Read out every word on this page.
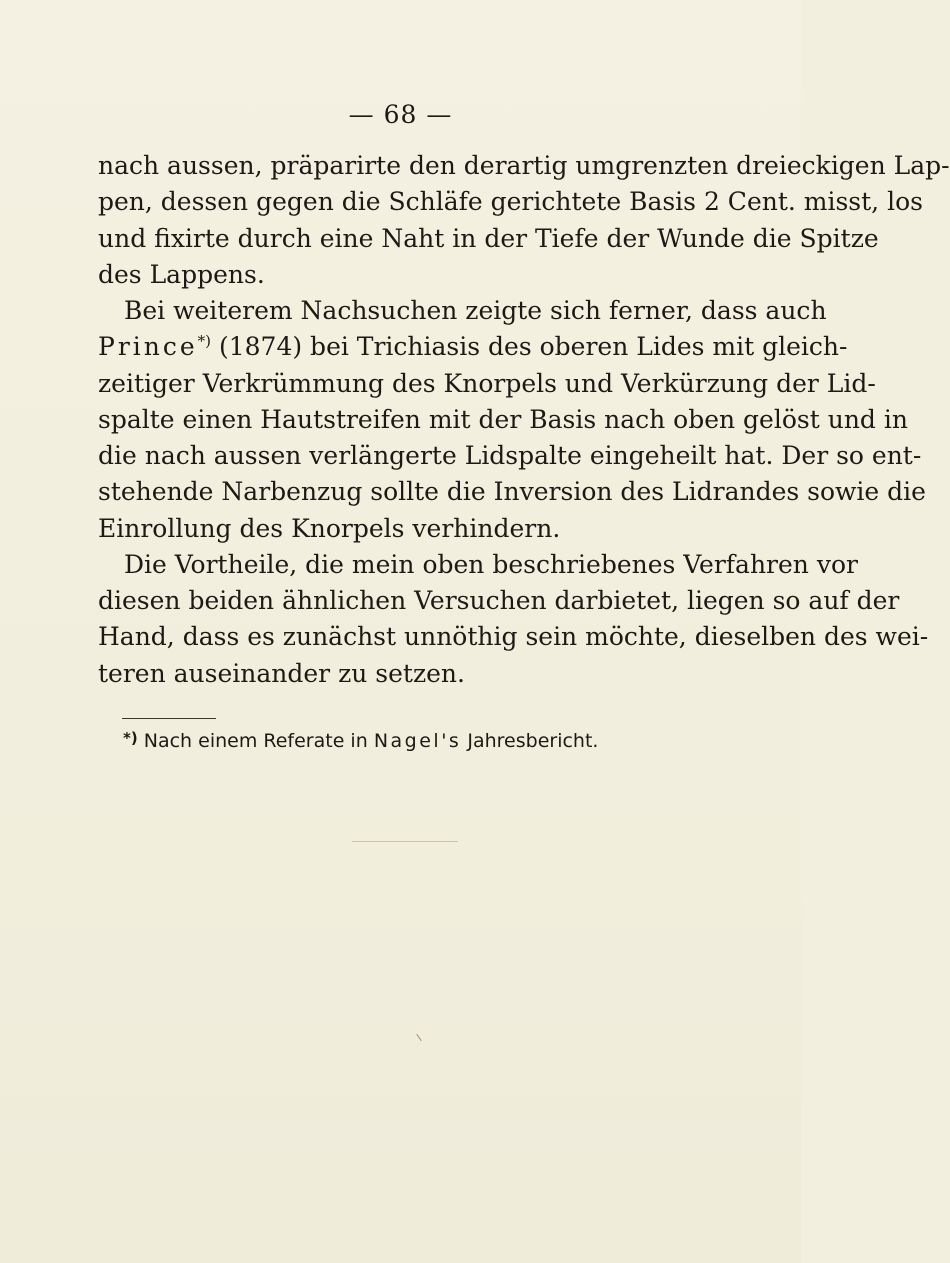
— 68 —
nach aussen, präparirte den derartig umgrenzten dreieckigen Lap-
pen, dessen gegen die Schläfe gerichtete Basis 2 Cent. misst, los
und fixirte durch eine Naht in der Tiefe der Wunde die Spitze
des Lappens.
Bei weiterem Nachsuchen zeigte sich ferner, dass auch
Prince*) (1874) bei Trichiasis des oberen Lides mit gleich-
zeitiger Verkrümmung des Knorpels und Verkürzung der Lid-
spalte einen Hautstreifen mit der Basis nach oben gelöst und in
die nach aussen verlängerte Lidspalte eingeheilt hat. Der so ent-
stehende Narbenzug sollte die Inversion des Lidrandes sowie die
Einrollung des Knorpels verhindern.
Die Vortheile, die mein oben beschriebenes Verfahren vor
diesen beiden ähnlichen Versuchen darbietet, liegen so auf der
Hand, dass es zunächst unnöthig sein möchte, dieselben des wei-
teren auseinander zu setzen.
*) Nach einem Referate in Nagel's Jahresbericht.
